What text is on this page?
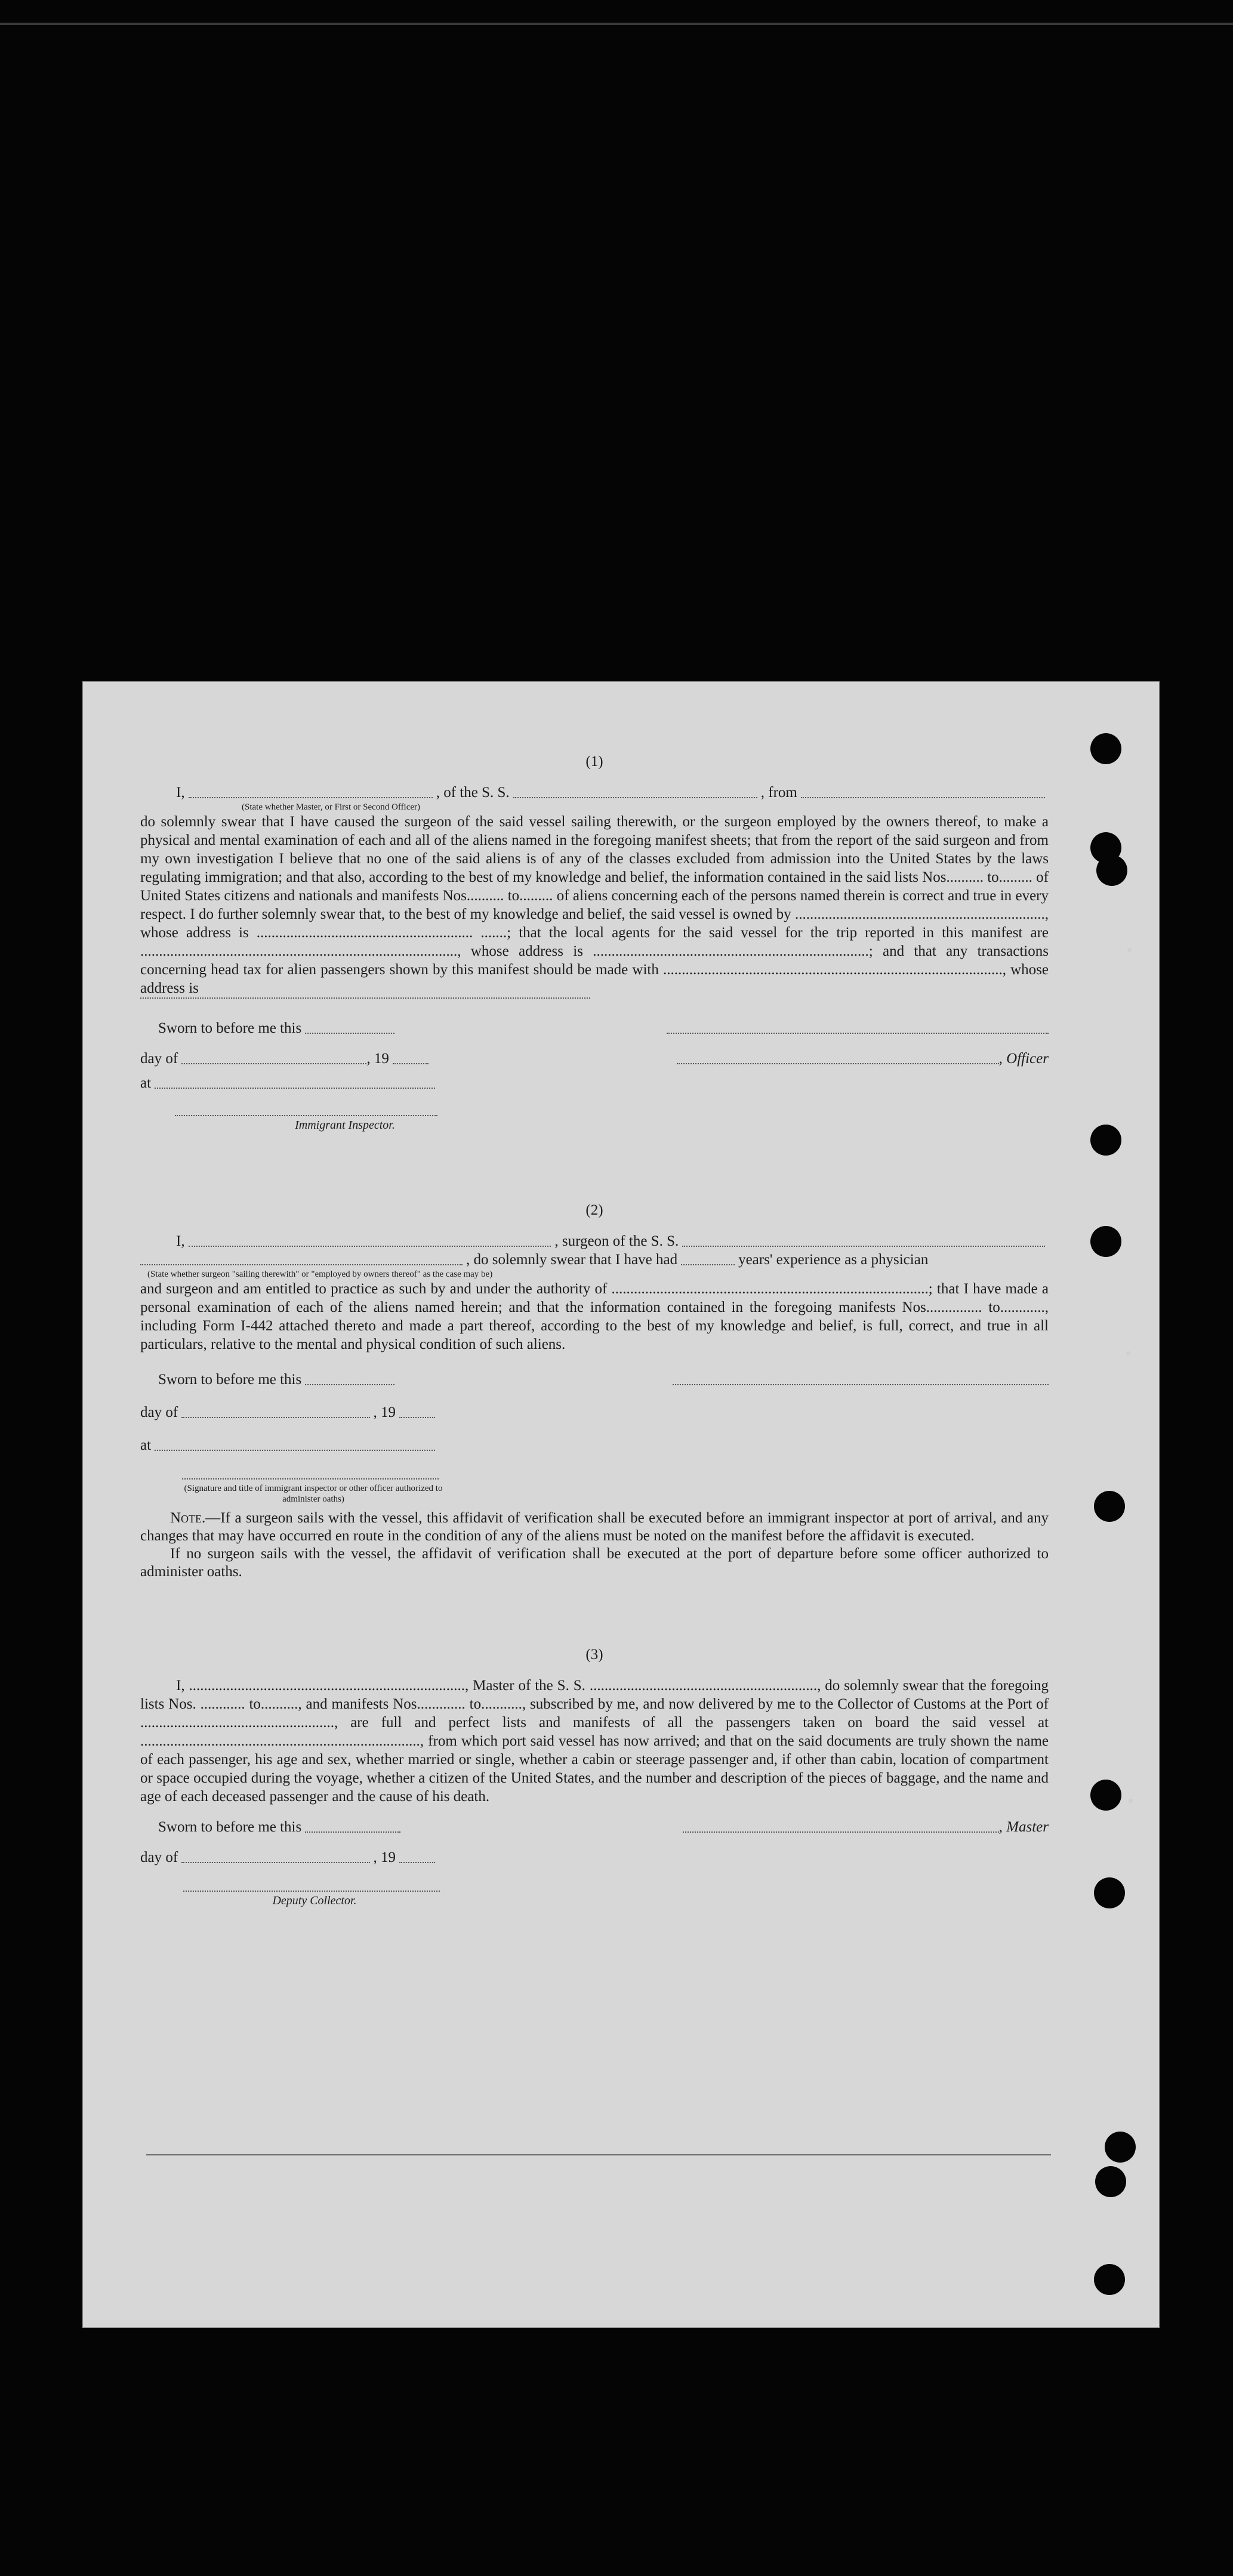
(1)
I,	, of the S. S.	, from
(State whether Master, or First or Second Officer)

do solemnly swear that I have caused the surgeon of the said vessel sailing therewith, or the surgeon employed by the owners thereof, to make a physical and mental examination of each and all of the aliens named in the foregoing manifest sheets; that from the report of the said surgeon and from my own investigation I believe that no one of the said aliens is of any of the classes excluded from admission into the United States by the laws regulating immigration; and that also, according to the best of my knowledge and belief, the information contained in the said lists Nos.......... to......... of United States citizens and nationals and manifests Nos.......... to......... of aliens concerning each of the persons named therein is correct and true in every respect. I do further solemnly swear that, to the best of my knowledge and belief, the said vessel is owned by ..................................................................., whose address is .......................................................... .......; that the local agents for the said vessel for the trip reported in this manifest are ....................................................................................., whose address is ..........................................................................; and that any transactions concerning head tax for alien passengers shown by this manifest should be made with ..........................................................................................., whose address is

Sworn to before me this
day of	, 19	, Officer
at
Immigrant Inspector.
(2)
I,	, surgeon of the S. S.
, do solemnly swear that I have had	years' experience as a physician
(State whether surgeon "sailing therewith" or "employed by owners thereof" as the case may be)

and surgeon and am entitled to practice as such by and under the authority of .....................................................................................; that I have made a personal examination of each of the aliens named herein; and that the information contained in the foregoing manifests Nos............... to............, including Form I-442 attached thereto and made a part thereof, according to the best of my knowledge and belief, is full, correct, and true in all particulars, relative to the mental and physical condition of such aliens.

Sworn to before me this
day of	, 19
at
(Signature and title of immigrant inspector or other officer authorized to administer oaths)

Note.—If a surgeon sails with the vessel, this affidavit of verification shall be executed before an immigrant inspector at port of arrival, and any changes that may have occurred en route in the condition of any of the aliens must be noted on the manifest before the affidavit is executed.

If no surgeon sails with the vessel, the affidavit of verification shall be executed at the port of departure before some officer authorized to administer oaths.

(3)

I, .........................................................................., Master of the S. S. ............................................................., do solemnly swear that the foregoing lists Nos. ............ to.........., and manifests Nos............. to..........., subscribed by me, and now delivered by me to the Collector of Customs at the Port of ...................................................., are full and perfect lists and manifests of all the passengers taken on board the said vessel at ..........................................................................., from which port said vessel has now arrived; and that on the said documents are truly shown the name of each passenger, his age and sex, whether married or single, whether a cabin or steerage passenger and, if other than cabin, location of compartment or space occupied during the voyage, whether a citizen of the United States, and the number and description of the pieces of baggage, and the name and age of each deceased passenger and the cause of his death.

Sworn to before me this	, Master
day of	, 19
Deputy Collector.
